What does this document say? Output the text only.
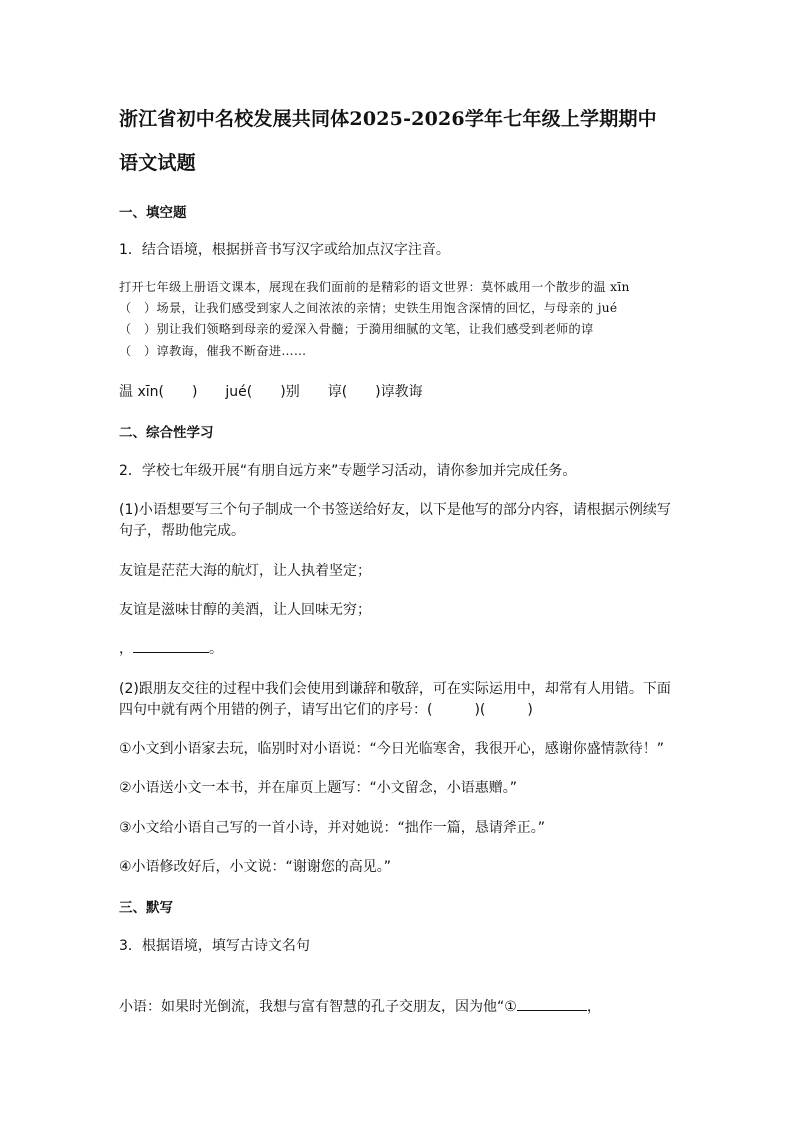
浙江省初中名校发展共同体2025-2026学年七年级上学期期中
语文试题
一、填空题
1．结合语境，根据拼音书写汉字或给加点汉字注音。
打开七年级上册语文课本，展现在我们面前的是精彩的语文世界：莫怀戚用一个散步的温 xīn
（　）场景，让我们感受到家人之间浓浓的亲情；史铁生用饱含深情的回忆，与母亲的 jué
（　）别让我们领略到母亲的爱深入骨髓；于漪用细腻的文笔，让我们感受到老师的谆
（　）谆教诲，催我不断奋进……
温 xīn(　　)　　jué(　　)别　　谆(　　)谆教诲
二、综合性学习
2．学校七年级开展“有朋自远方来”专题学习活动，请你参加并完成任务。
(1)小语想要写三个句子制成一个书签送给好友，以下是他写的部分内容，请根据示例续写
句子，帮助他完成。
友谊是茫茫大海的航灯，让人执着坚定；
友谊是滋味甘醇的美酒，让人回味无穷；
，	。
(2)跟朋友交往的过程中我们会使用到谦辞和敬辞，可在实际运用中，却常有人用错。下面
四句中就有两个用错的例子，请写出它们的序号：(　　　)(　　　)
①小文到小语家去玩，临别时对小语说：“今日光临寒舍，我很开心，感谢你盛情款待！”
②小语送小文一本书，并在扉页上题写：“小文留念，小语惠赠。”
③小文给小语自己写的一首小诗，并对她说：“拙作一篇，恳请斧正。”
④小语修改好后，小文说：“谢谢您的高见。”
三、默写
3．根据语境，填写古诗文名句
小语：如果时光倒流，我想与富有智慧的孔子交朋友，因为他“①	，
